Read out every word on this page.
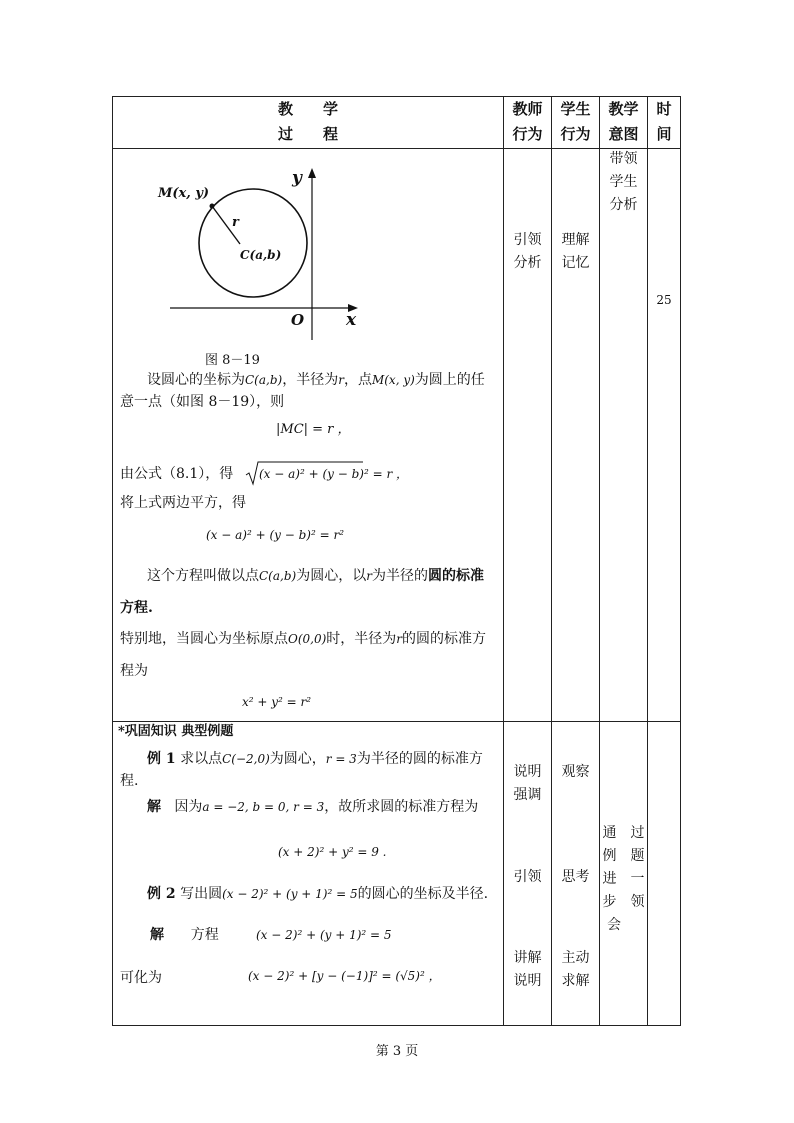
教　　学
过　　程
教师
行为
学生
行为
教学
意图
时
间
y
x
O
M(x, y)
r
C(a,b)
图 8－19
设圆心的坐标为C(a,b)，半径为r，点M(x, y)为圆上的任
意一点（如图 8－19），则
|MC| = r ，
由公式（8.1），得 (x − a)² + (y − b)² = r ，
将上式两边平方，得
(x − a)² + (y − b)² = r²
这个方程叫做以点C(a,b)为圆心，以r为半径的圆的标准
方程.
特别地，当圆心为坐标原点O(0,0)时，半径为r的圆的标准方
程为
x² + y² = r²
引领
分析
理解
记忆
带领
学生
分析
25
*巩固知识 典型例题
例 1 求以点C(−2,0)为圆心，r = 3为半径的圆的标准方
程.
解 因为a = −2, b = 0, r = 3，故所求圆的标准方程为
(x + 2)² + y² = 9 .
例 2 写出圆(x − 2)² + (y + 1)² = 5的圆心的坐标及半径.
解 方程	(x − 2)² + (y + 1)² = 5
可化为	(x − 2)² + [y − (−1)]² = (√5)² ，
说明
强调
引领
讲解
说明
观察
思考
主动
求解
通　过
例　题
进　一
步　领
会
第 3 页
